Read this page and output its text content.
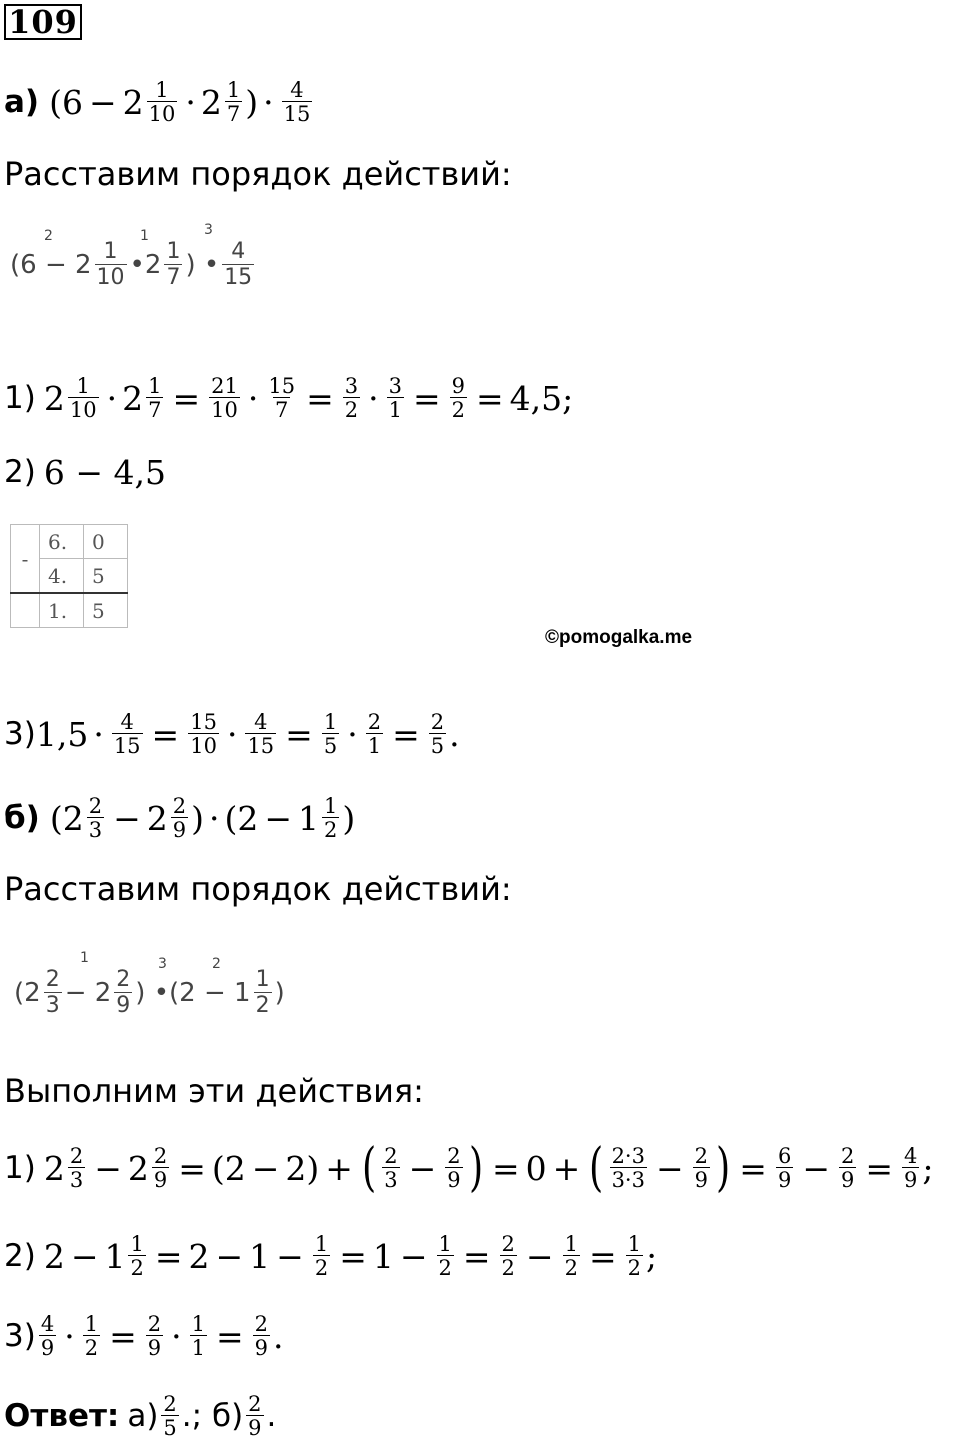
109
а) ($6 - 2 \frac{1}{10} \cdot 2 \frac{1}{7}$ ) · $\frac{4}{15}$
Расставим порядок действий:
2	1	3
($6 - 2 \frac{1}{10}$ •2 $\frac{1}{7}$ ) • $\frac{4}{15}$
1) $2 \frac{1}{10} \cdot 2 \frac{1}{7} = \frac{21}{10} \cdot \frac{15}{7} = \frac{3}{2} \cdot \frac{3}{1} = \frac{9}{2} = 4,5$;
2) 6 − 4,5
-	6.	0
	4.	5
	1.	5
©pomogalka.me
3) $1,5 \cdot \frac{4}{15} = \frac{15}{10} \cdot \frac{4}{15} = \frac{1}{5} \cdot \frac{2}{1} = \frac{2}{5}$ .
б) ($2 \frac{2}{3} - 2 \frac{2}{9}$ ) · ($2 - 1 \frac{1}{2}$ )
Расставим порядок действий:
1	3	2
($2 \frac{2}{3} - 2 \frac{2}{9}$ ) •(2 − $1 \frac{1}{2}$ )
Выполним эти действия:
1) $2 \frac{2}{3} - 2 \frac{2}{9} = (2 - 2)$ + ( $\frac{2}{3} - \frac{2}{9}$ ) = 0 + ( $\frac{2\cdot 3}{3\cdot 3} - \frac{2}{9}$ ) = $\frac{6}{9} - \frac{2}{9} = \frac{4}{9}$ ;
2) $2 - 1 \frac{1}{2} = 2 - 1 - \frac{1}{2} = 1 - \frac{1}{2} = \frac{2}{2} - \frac{1}{2} = \frac{1}{2}$ ;
$3) \frac{4}{9} \cdot \frac{1}{2} = \frac{2}{9} \cdot \frac{1}{1} = \frac{2}{9}$ .
Ответ: $а) \frac{2}{5}$ .; $б) \frac{2}{9}$ .
